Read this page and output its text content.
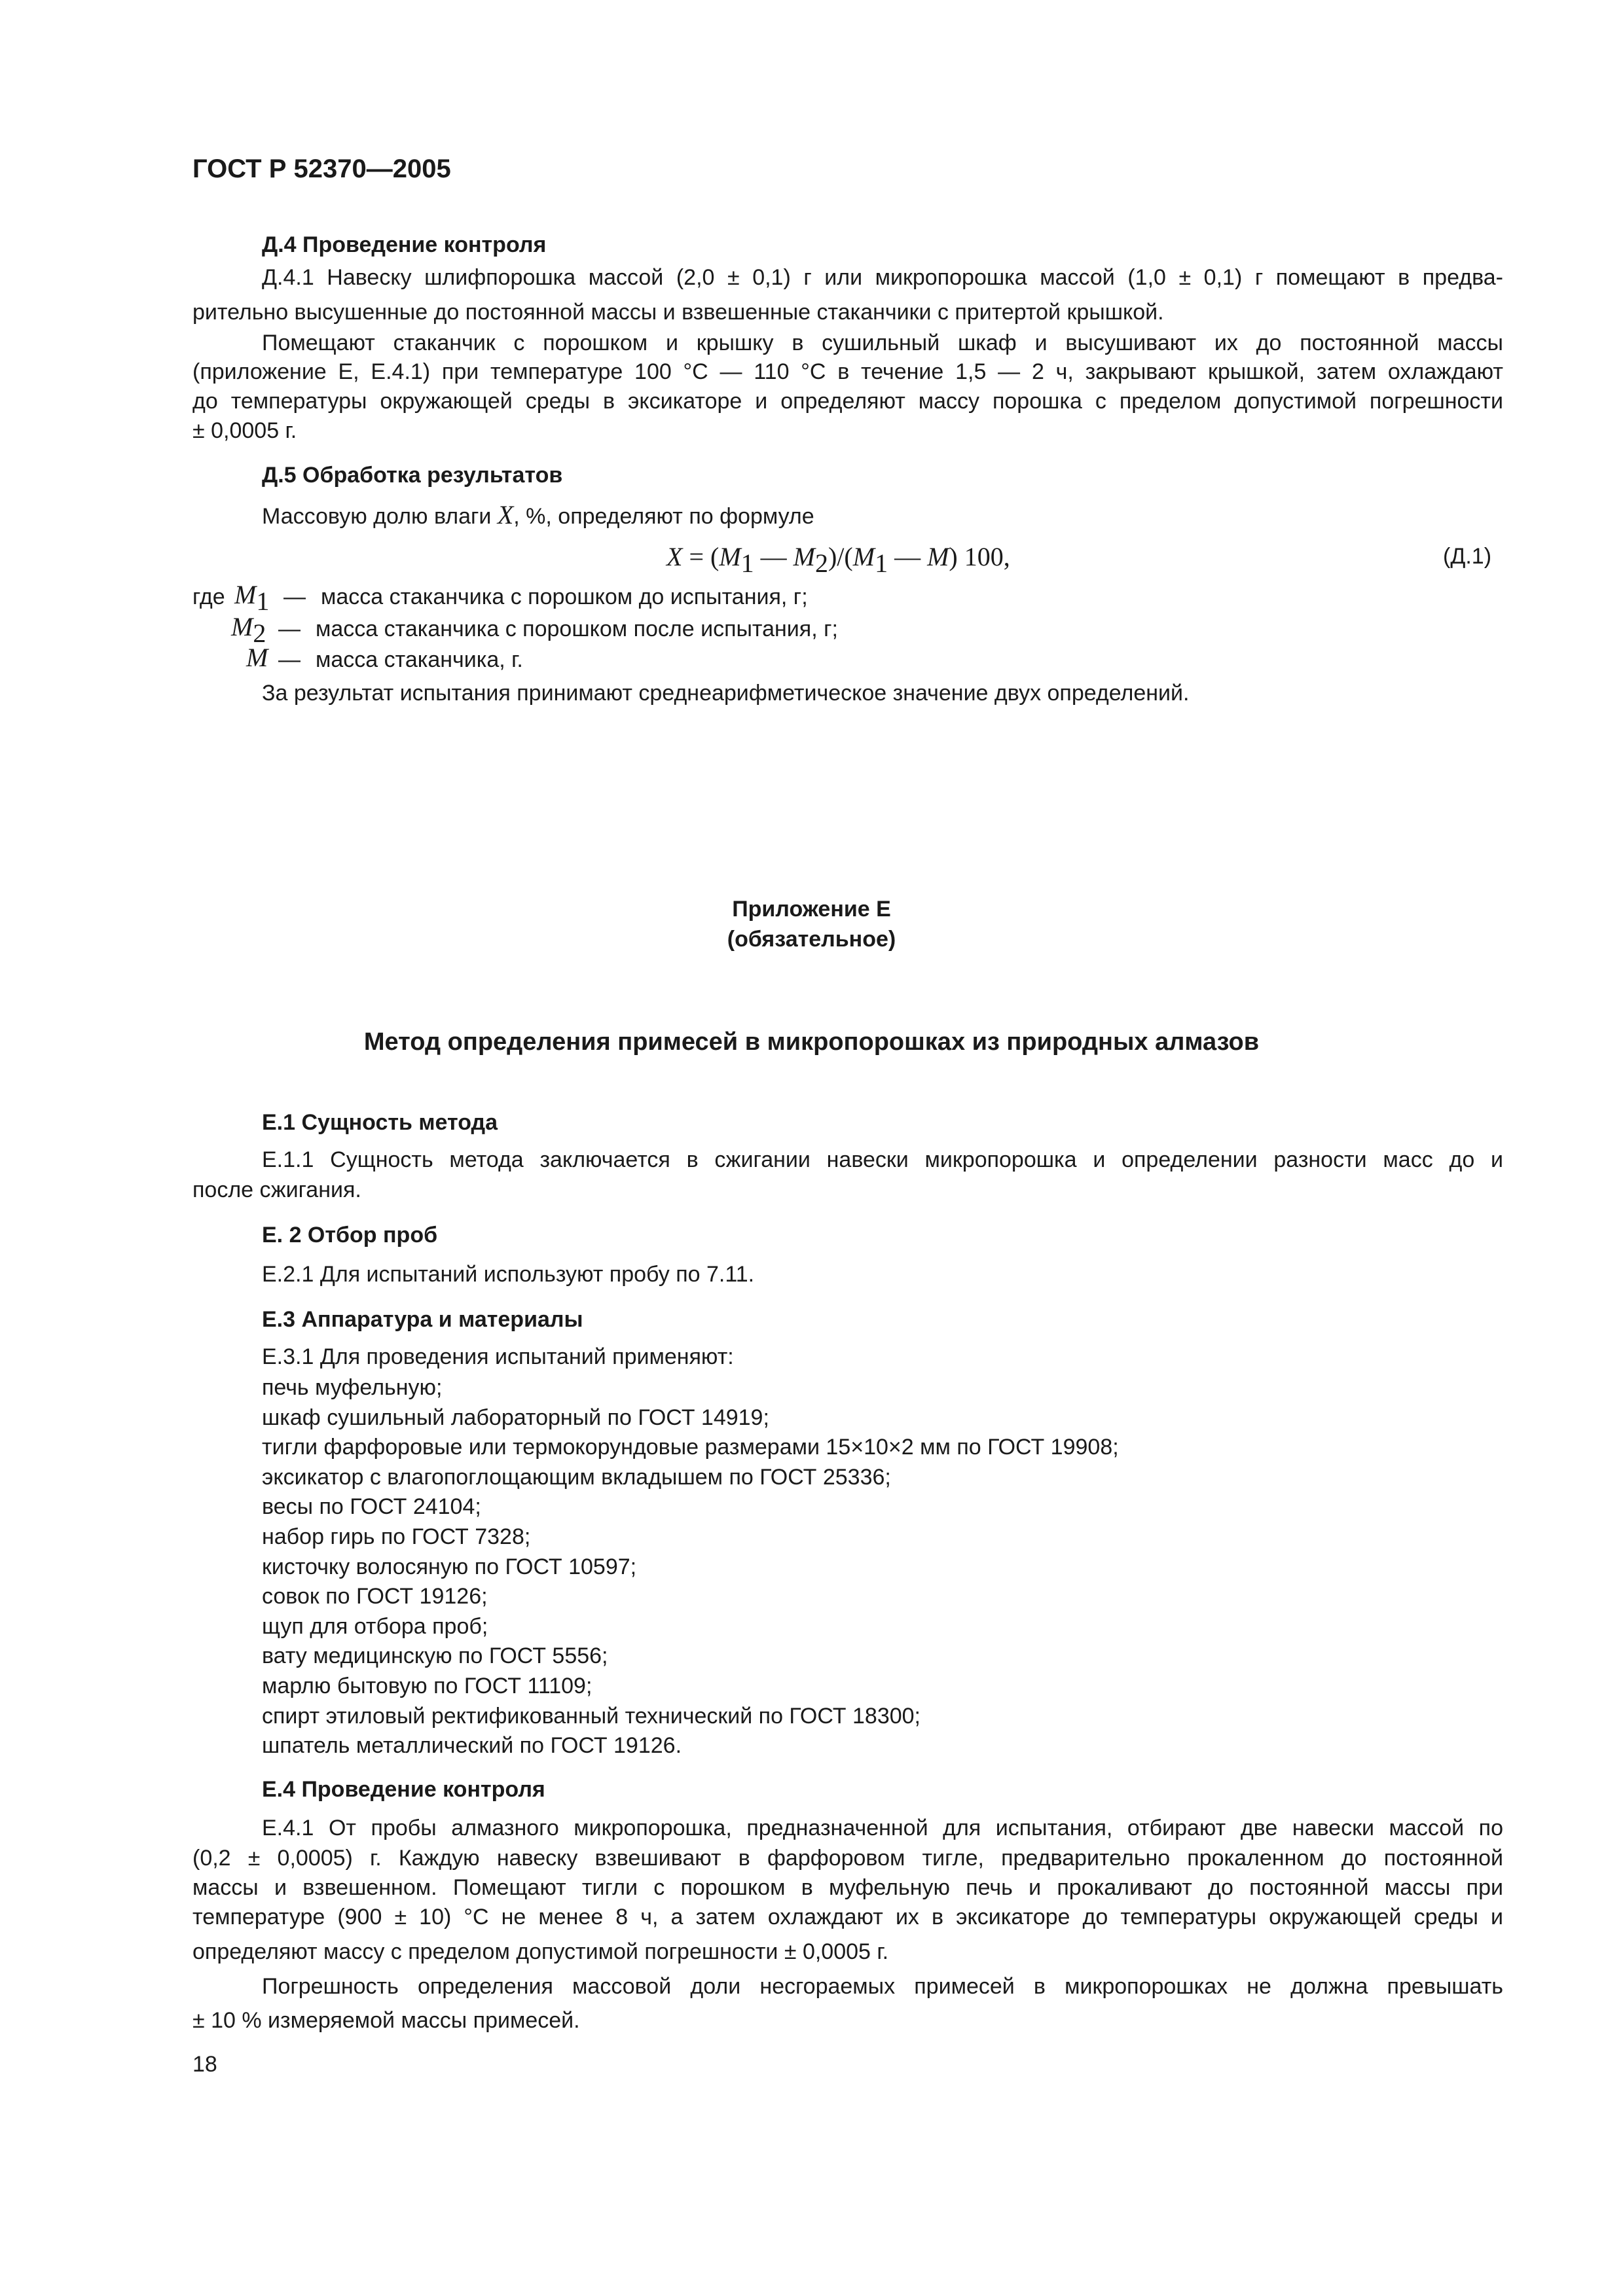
ГОСТ Р 52370—2005
Д.4 Проведение контроля
Д.4.1 Навеску шлифпорошка массой (2,0 ± 0,1) г или микропорошка массой (1,0 ± 0,1) г помещают в предва-
рительно высушенные до постоянной массы и взвешенные стаканчики с притертой крышкой.
Помещают стаканчик с порошком и крышку в сушильный шкаф и высушивают их до постоянной массы
(приложение Е, Е.4.1) при температуре 100 °С — 110 °С в течение 1,5 — 2 ч, закрывают крышкой, затем охлаждают
до температуры окружающей среды в эксикаторе и определяют массу порошка с пределом допустимой погрешности
± 0,0005 г.
Д.5 Обработка результатов
Массовую долю влаги X, %, определяют по формуле
$X = (M_1$ — $M_2)/(M_1$ — M) 100,	(Д.1)
где $M_1$ — масса стаканчика с порошком до испытания, г;
$M_2$ — масса стаканчика с порошком после испытания, г;
M — масса стаканчика, г.
За результат испытания принимают среднеарифметическое значение двух определений.
Приложение Е
(обязательное)
Метод определения примесей в микропорошках из природных алмазов
Е.1 Сущность метода
Е.1.1 Сущность метода заключается в сжигании навески микропорошка и определении разности масс до и
после сжигания.
Е. 2 Отбор проб
Е.2.1 Для испытаний используют пробу по 7.11.
Е.3 Аппаратура и материалы
Е.3.1 Для проведения испытаний применяют:
печь муфельную;
шкаф сушильный лабораторный по ГОСТ 14919;
тигли фарфоровые или термокорундовые размерами 15×10×2 мм по ГОСТ 19908;
эксикатор с влагопоглощающим вкладышем по ГОСТ 25336;
весы по ГОСТ 24104;
набор гирь по ГОСТ 7328;
кисточку волосяную по ГОСТ 10597;
совок по ГОСТ 19126;
щуп для отбора проб;
вату медицинскую по ГОСТ 5556;
марлю бытовую по ГОСТ 11109;
спирт этиловый ректификованный технический по ГОСТ 18300;
шпатель металлический по ГОСТ 19126.
Е.4 Проведение контроля
Е.4.1 От пробы алмазного микропорошка, предназначенной для испытания, отбирают две навески массой по
(0,2 ± 0,0005) г. Каждую навеску взвешивают в фарфоровом тигле, предварительно прокаленном до постоянной
массы и взвешенном. Помещают тигли с порошком в муфельную печь и прокаливают до постоянной массы при
температуре (900 ± 10) °С не менее 8 ч, а затем охлаждают их в эксикаторе до температуры окружающей среды и
определяют массу с пределом допустимой погрешности ± 0,0005 г.
Погрешность определения массовой доли несгораемых примесей в микропорошках не должна превышать
± 10 % измеряемой массы примесей.
18
